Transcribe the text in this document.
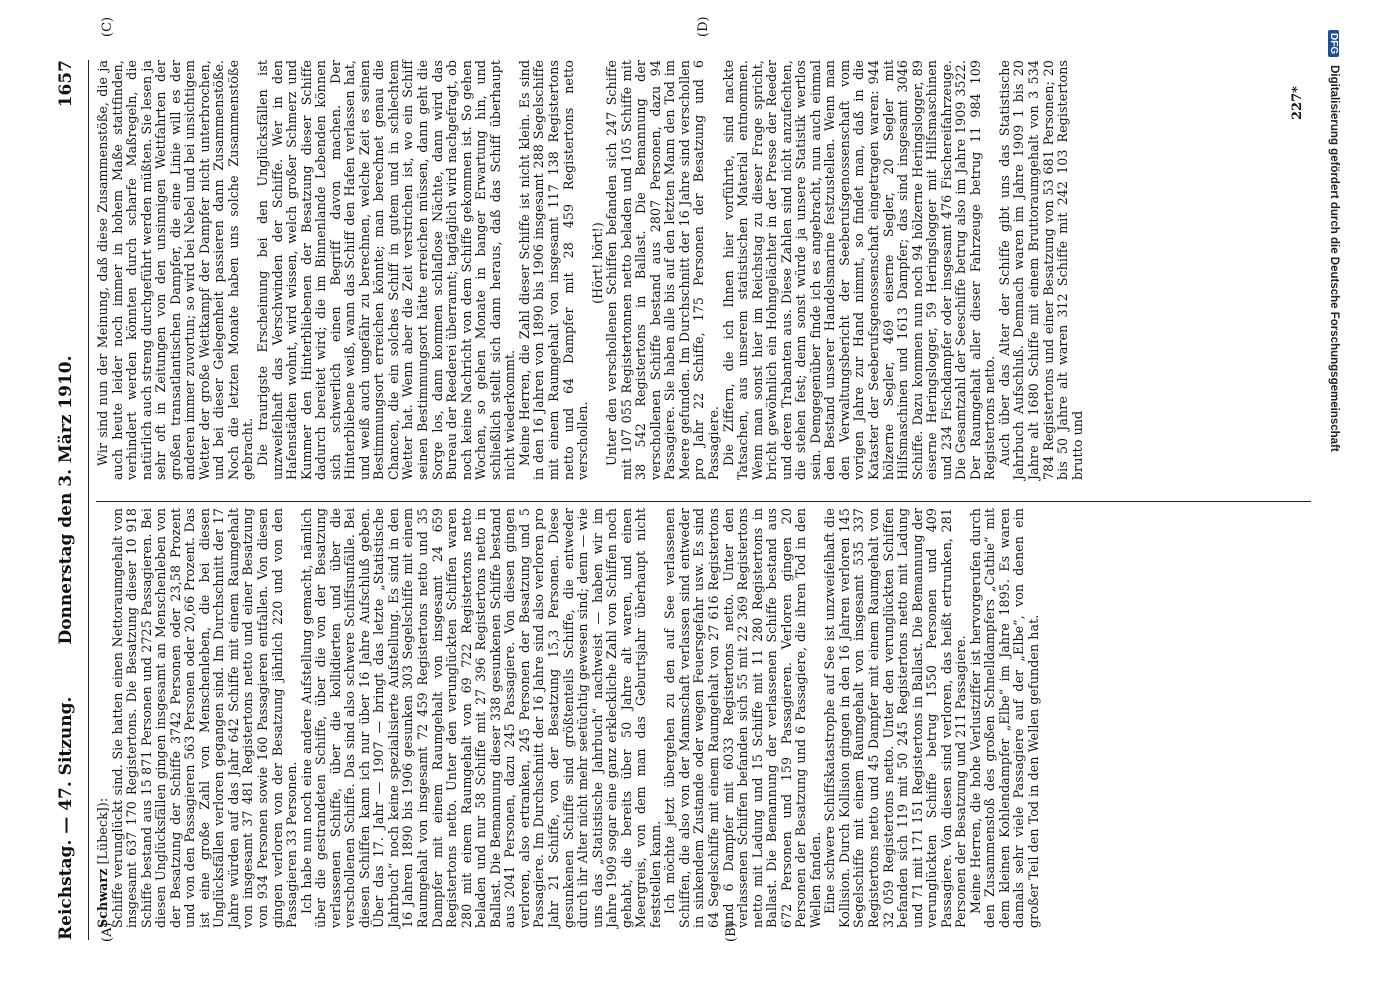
Reichstag. — 47. Sitzung.
Donnerstag den 3. März 1910.
1657
(A)	(B)
(C)	(D)

Schwarz [Lübeck]):
Schiffe verunglückt sind. Sie hatten einen Nettoraumgehalt von insgesamt 637 170 Registertons. Die Besatzung dieser 10 918 Schiffe bestand aus 15 871 Personen und 2725 Passagieren. Bei diesen Unglücksfällen gingen insgesamt an Menschenleben von der Besatzung der Schiffe 3742 Personen oder 23,58 Prozent und von den Passagieren 563 Personen oder 20,66 Prozent. Das ist eine große Zahl von Menschenleben, die bei diesen Unglücksfällen verloren gegangen sind. Im Durchschnitt der 17 Jahre würden auf das Jahr 642 Schiffe mit einem Raumgehalt von insgesamt 37 481 Registertons netto und einer Besatzung von 934 Personen sowie 160 Passagieren entfallen. Von diesen gingen verloren von der Besatzung jährlich 220 und von den Passagieren 33 Personen. Ich habe nun noch eine andere Aufstellung gemacht, nämlich über die gestrandeten Schiffe, über die von der Besatzung verlassenen Schiffe, über die kollidierten und über die verschollenen Schiffe. Das sind also schwere Schiffsunfälle. Bei diesen Schiffen kann ich nur über 16 Jahre Aufschluß geben. Über das 17. Jahr — 1907 — bringt das letzte „Statistische Jahrbuch“ noch keine spezialisierte Aufstellung. Es sind in den 16 Jahren 1890 bis 1906 gesunken 303 Segelschiffe mit einem Raumgehalt von insgesamt 72 459 Registertons netto und 35 Dampfer mit einem Raumgehalt von insgesamt 24 659 Registertons netto. Unter den verunglückten Schiffen waren 280 mit einem Raumgehalt von 69 722 Registertons netto beladen und nur 58 Schiffe mit 27 396 Registertons netto in Ballast. Die Bemannung dieser 338 gesunkenen Schiffe bestand aus 2041 Personen, dazu 245 Passagiere. Von diesen gingen verloren, also ertranken, 245 Personen der Besatzung und 5 Passagiere. Im Durchschnitt der 16 Jahre sind also verloren pro Jahr 21 Schiffe, von der Besatzung 15,3 Personen. Diese gesunkenen Schiffe sind größtenteils Schiffe, die entweder durch ihr Alter nicht mehr seetüchtig gewesen sind; denn — wie uns das „Statistische Jahrbuch“ nachweist — haben wir im Jahre 1909 sogar eine ganz erkleckliche Zahl von Schiffen noch gehabt, die bereits über 50 Jahre alt waren, und einen Meergreis, von dem man das Geburtsjahr überhaupt nicht feststellen kann. Ich möchte jetzt übergehen zu den auf See verlassenen Schiffen, die also von der Mannschaft verlassen sind entweder in sinkendem Zustande oder wegen Feuersgefahr usw. Es sind 64 Segelschiffe mit einem Raumgehalt von 27 616 Registertons und 6 Dampfer mit 6033 Registertons netto. Unter den verlassenen Schiffen befanden sich 55 mit 22 369 Registertons netto mit Ladung und 15 Schiffe mit 11 280 Registertons in Ballast. Die Bemannung der verlassenen Schiffe bestand aus 672 Personen und 159 Passagieren. Verloren gingen 20 Personen der Besatzung und 6 Passagiere, die ihren Tod in den Wellen fanden. Eine schwere Schiffskatastrophe auf See ist unzweifelhaft die Kollision. Durch Kollision gingen in den 16 Jahren verloren 145 Segelschiffe mit einem Raumgehalt von insgesamt 535 337 Registertons netto und 45 Dampfer mit einem Raumgehalt von 32 059 Registertons netto. Unter den verunglückten Schiffen befanden sich 119 mit 50 245 Registertons netto mit Ladung und 71 mit 171 151 Registertons in Ballast. Die Bemannung der verunglückten Schiffe betrug 1550 Personen und 409 Passagiere. Von diesen sind verloren, das heißt ertrunken, 281 Personen der Besatzung und 211 Passagiere. Meine Herren, die hohe Verlustziffer ist hervorgerufen durch den Zusammenstoß des großen Schnelldampfers „Cathie“ mit dem kleinen Kohlendampfer „Elbe“ im Jahre 1895. Es waren damals sehr viele Passagiere auf der „Elbe“, von denen ein großer Teil den Tod in den Wellen gefunden hat.

Wir sind nun der Meinung, daß diese Zusammenstöße, die ja auch heute leider noch immer in hohem Maße stattfinden, verhindert werden könnten durch scharfe Maßregeln, die natürlich auch streng durchgeführt werden müßten. Sie lesen ja sehr oft in Zeitungen von den unsinnigen Wettfahrten der großen transatlantischen Dampfer, die eine Linie will es der anderen immer zuvortun; so wird bei Nebel und bei unsichtigem Wetter der große Wettkampf der Dampfer nicht unterbrochen, und bei dieser Gelegenheit passieren dann Zusammenstöße. Noch die letzten Monate haben uns solche Zusammenstöße gebracht. Die traurigste Erscheinung bei den Unglücksfällen ist unzweifelhaft das Verschwinden der Schiffe. Wer in den Hafenstädten wohnt, wird wissen, welch großer Schmerz und Kummer den Hinterbliebenen der Besatzung dieser Schiffe dadurch bereitet wird; die im Binnenlande Lebenden können sich schwerlich einen Begriff davon machen. Der Hinterbliebene weiß, wann das Schiff den Hafen verlassen hat, und weiß auch ungefähr zu berechnen, welche Zeit es seinen Bestimmungsort erreichen könnte; man berechnet genau die Chancen, die ein solches Schiff in gutem und in schlechtem Wetter hat. Wenn aber die Zeit verstrichen ist, wo ein Schiff seinen Bestimmungsort hätte erreichen müssen, dann geht die Sorge los, dann kommen schlaflose Nächte, dann wird das Bureau der Reederei überrannt; tagtäglich wird nachgefragt, ob noch keine Nachricht von dem Schiffe gekommen ist. So gehen Wochen, so gehen Monate in banger Erwartung hin, und schließlich stellt sich dann heraus, daß das Schiff überhaupt nicht wiederkommt. Meine Herren, die Zahl dieser Schiffe ist nicht klein. Es sind in den 16 Jahren von 1890 bis 1906 insgesamt 288 Segelschiffe mit einem Raumgehalt von insgesamt 117 138 Registertons netto und 64 Dampfer mit 28 459 Registertons netto verschollen.

(Hört! hört!) Unter den verschollenen Schiffen befanden sich 247 Schiffe mit 107 055 Registertonnen netto beladen und 105 Schiffe mit 38 542 Registertons in Ballast. Die Bemannung der verschollenen Schiffe bestand aus 2807 Personen, dazu 94 Passagiere. Sie haben alle bis auf den letzten Mann den Tod im Meere gefunden. Im Durchschnitt der 16 Jahre sind verschollen pro Jahr 22 Schiffe, 175 Personen der Besatzung und 6 Passagiere. Die Ziffern, die ich Ihnen hier vorführte, sind nackte Tatsachen, aus unserem statistischen Material entnommen. Wenn man sonst hier im Reichstag zu dieser Frage spricht, bricht gewöhnlich ein Hohngelächter in der Presse der Reeder und deren Trabanten aus. Diese Zahlen sind nicht anzufechten, die stehen fest; denn sonst würde ja unsere Statistik wertlos sein. Demgegenüber finde ich es angebracht, nun auch einmal den Bestand unserer Handelsmarine festzustellen. Wenn man den Verwaltungsbericht der Seeberufsgenossenschaft vom vorigen Jahre zur Hand nimmt, so findet man, daß in die Kataster der Seeberufsgenossenschaft eingetragen waren: 944 hölzerne Segler, 469 eiserne Segler, 20 Segler mit Hilfsmaschinen und 1613 Dampfer; das sind insgesamt 3046 Schiffe. Dazu kommen nun noch 94 hölzerne Heringslogger, 89 eiserne Heringslogger, 59 Heringslogger mit Hilfsmaschinen und 234 Fischdampfer oder insgesamt 476 Fischereifahrzeuge. Die Gesamtzahl der Seeschiffe betrug also im Jahre 1909 3522. Der Raumgehalt aller dieser Fahrzeuge betrug 11 984 109 Registertons netto. Auch über das Alter der Schiffe gibt uns das Statistische Jahrbuch Aufschluß. Demnach waren im Jahre 1909 1 bis 20 Jahre alt 1680 Schiffe mit einem Bruttoraumgehalt von 3 534 784 Registertons und einer Besatzung von 53 681 Personen; 20 bis 50 Jahre alt waren 312 Schiffe mit 242 103 Registertons brutto und

227*
DFGDigitalisierung gefördert durch die Deutsche Forschungsgemeinschaft
